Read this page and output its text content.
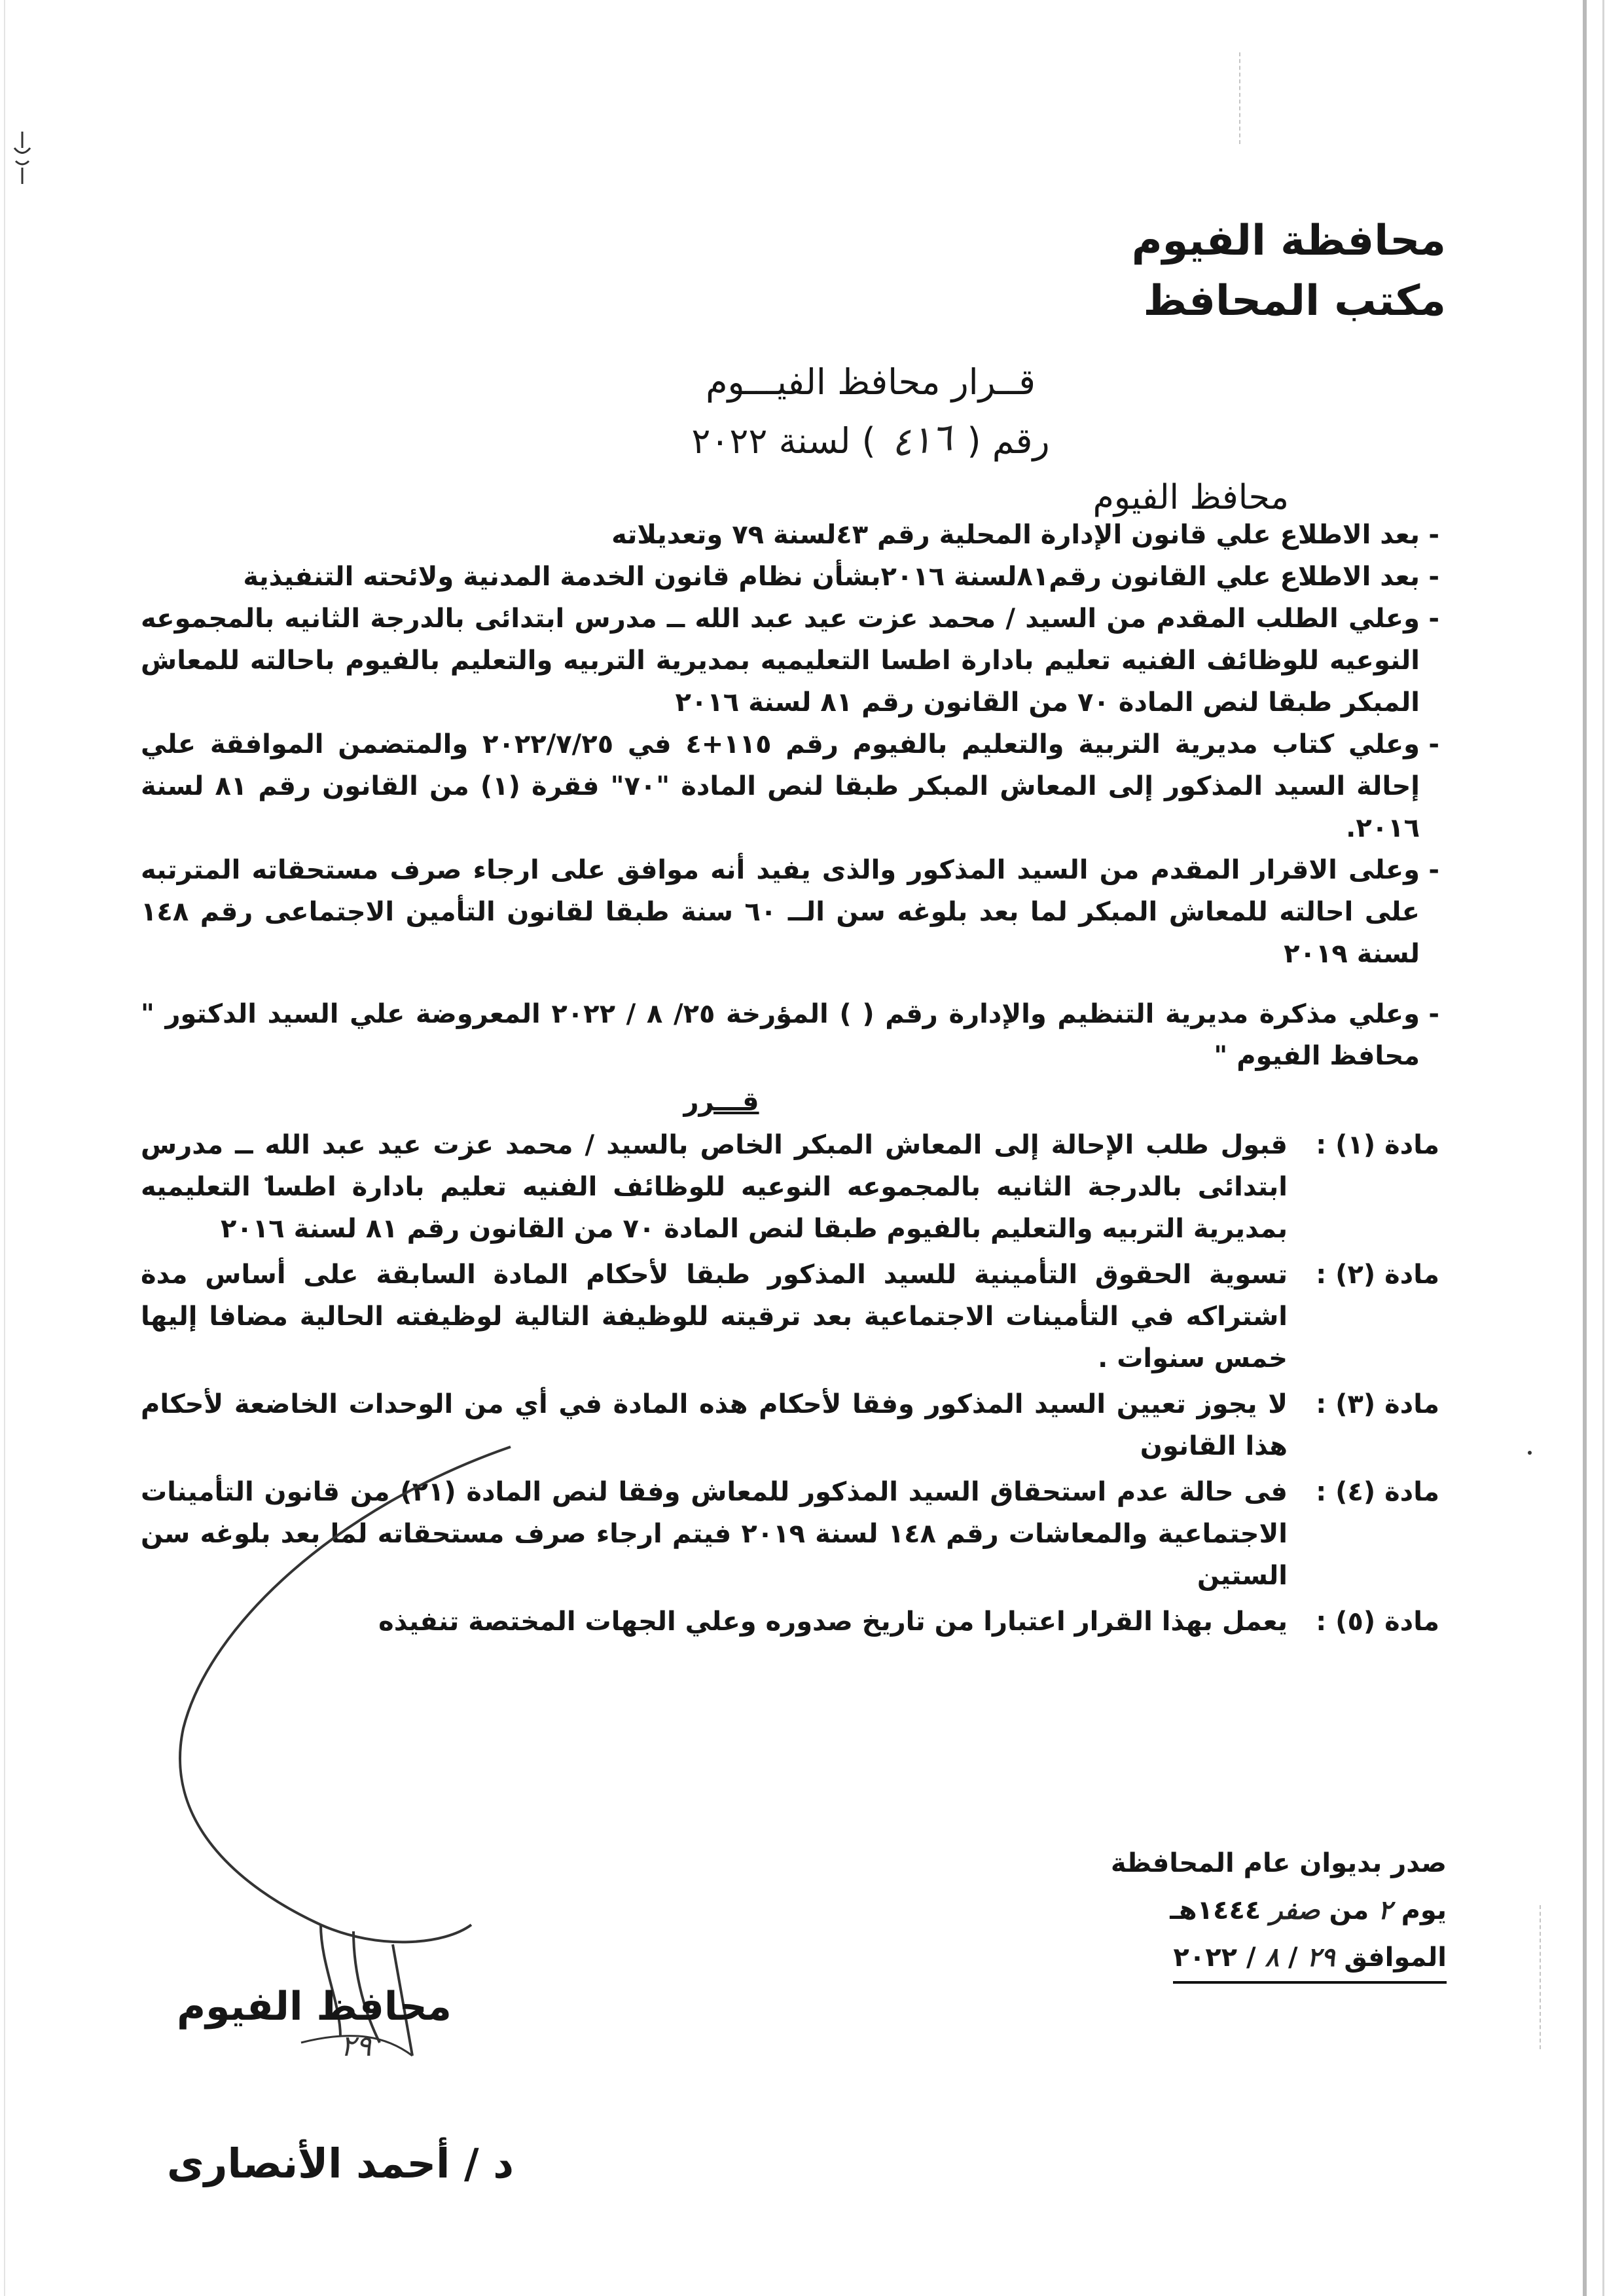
محافظة الفيوم
مكتب المحافظ
قــرار محافظ الفيـــوم
رقم ( ٤١٦ ) لسنة ٢٠٢٢
محافظ الفيوم

- بعد الاطلاع علي قانون الإدارة المحلية رقم ٤٣لسنة ٧٩ وتعديلاته

- بعد الاطلاع علي القانون رقم٨١لسنة ٢٠١٦بشأن نظام قانون الخدمة المدنية ولائحته التنفيذية

- وعلي الطلب المقدم من السيد / محمد عزت عيد عبد الله ــ مدرس ابتدائى بالدرجة الثانيه بالمجموعه النوعيه للوظائف الفنيه تعليم بادارة اطسا التعليميه بمديرية التربيه والتعليم بالفيوم باحالته للمعاش المبكر طبقا لنص المادة ٧٠ من القانون رقم ٨١ لسنة ٢٠١٦

- وعلي كتاب مديرية التربية والتعليم بالفيوم رقم ١١٥+٤ في ٢٠٢٢/٧/٢٥ والمتضمن الموافقة علي إحالة السيد المذكور إلى المعاش المبكر طبقا لنص المادة "٧٠" فقرة (١) من القانون رقم ٨١ لسنة ٢٠١٦.

- وعلى الاقرار المقدم من السيد المذكور والذى يفيد أنه موافق على ارجاء صرف مستحقاته المترتبه على احالته للمعاش المبكر لما بعد بلوغه سن الــ ٦٠ سنة طبقا لقانون التأمين الاجتماعى رقم ١٤٨ لسنة ٢٠١٩

- وعلي مذكرة مديرية التنظيم والإدارة رقم ( ) المؤرخة ٢٥/ ٨ / ٢٠٢٢ المعروضة علي السيد الدكتور " محافظ الفيوم "

قـــرر
مادة (١) :
قبول طلب الإحالة إلى المعاش المبكر الخاص بالسيد / محمد عزت عيد عبد الله ــ مدرس ابتدائى بالدرجة الثانيه بالمجموعه النوعيه للوظائف الفنيه تعليم بادارة اطسا التعليميه بمديرية التربيه والتعليم بالفيوم طبقا لنص المادة ٧٠ من القانون رقم ٨١ لسنة ٢٠١٦
مادة (٢) :
تسوية الحقوق التأمينية للسيد المذكور طبقا لأحكام المادة السابقة على أساس مدة اشتراكه في التأمينات الاجتماعية بعد ترقيته للوظيفة التالية لوظيفته الحالية مضافا إليها خمس سنوات .
مادة (٣) :
لا يجوز تعيين السيد المذكور وفقا لأحكام هذه المادة في أي من الوحدات الخاضعة لأحكام هذا القانون
مادة (٤) :
فى حالة عدم استحقاق السيد المذكور للمعاش وفقا لنص المادة (٢١) من قانون التأمينات الاجتماعية والمعاشات رقم ١٤٨ لسنة ٢٠١٩ فيتم ارجاء صرف مستحقاته لما بعد بلوغه سن الستين
مادة (٥) :
يعمل بهذا القرار اعتبارا من تاريخ صدوره وعلي الجهات المختصة تنفيذه
صدر بديوان عام المحافظة
يوم ٢ من صفر ١٤٤٤هـ
الموافق ٢٩ / ٨ / ٢٠٢٢
محافظ الفيوم
٢٩
د / أحمد الأنصارى
